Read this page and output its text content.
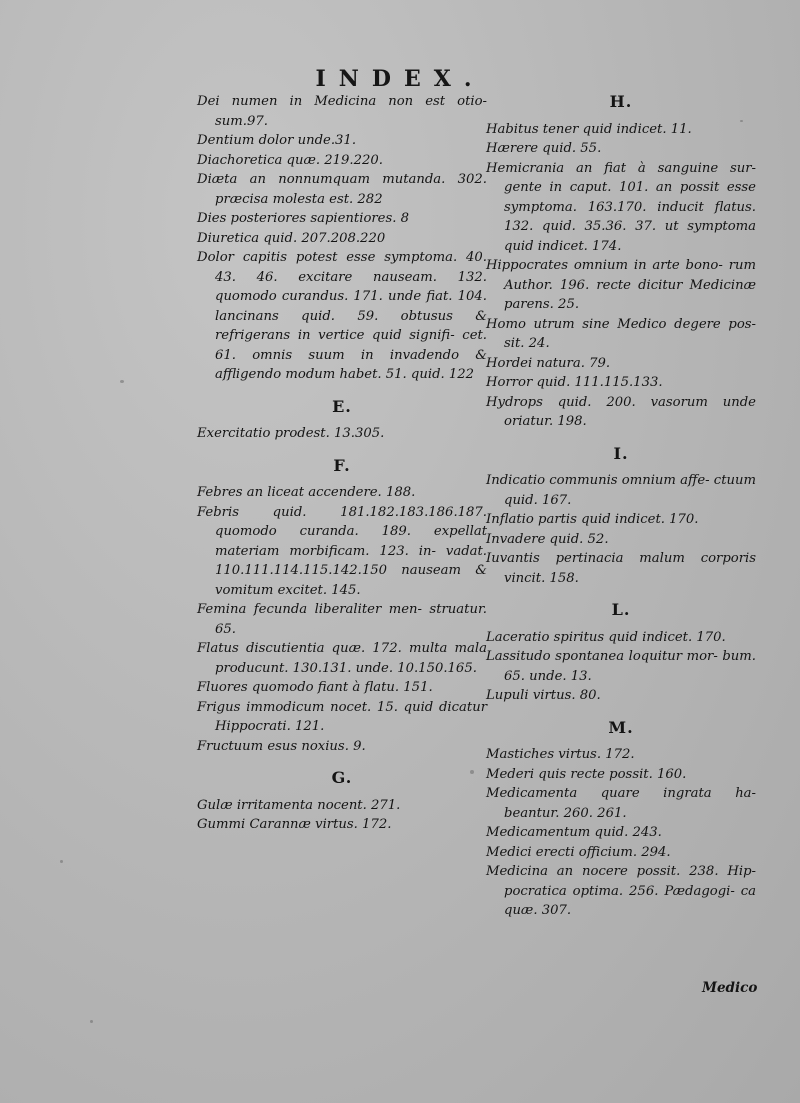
INDEX.
Dei numen in Medicina non est otio- sum.97.
Dentium dolor unde.31.
Diachoretica quæ. 219.220.
Diæta an nonnumquam mutanda. 302. præcisa molesta est. 282
Dies posteriores sapientiores. 8
Diuretica quid. 207.208.220
Dolor capitis potest esse symptoma. 40. 43. 46. excitare nauseam. 132. quomodo curandus. 171. unde fiat. 104. lancinans quid. 59. obtusus & refrigerans in vertice quid signifi- cet. 61. omnis suum in invadendo & affligendo modum habet. 51. quid. 122
E.
Exercitatio prodest. 13.305.
F.
Febres an liceat accendere. 188.
Febris quid. 181.182.183.186.187. quomodo curanda. 189. expellat materiam morbificam. 123. in- vadat. 110.111.114.115.142.150 nauseam & vomitum excitet. 145.
Femina fecunda liberaliter men- struatur. 65.
Flatus discutientia quæ. 172. multa mala producunt. 130.131. unde. 10.150.165.
Fluores quomodo fiant à flatu. 151.
Frigus immodicum nocet. 15. quid dicatur Hippocrati. 121.
Fructuum esus noxius. 9.
G.
Gulæ irritamenta nocent. 271.
Gummi Carannæ virtus. 172.
H.
Habitus tener quid indicet. 11.
Hærere quid. 55.
Hemicrania an fiat à sanguine sur- gente in caput. 101. an possit esse symptoma. 163.170. inducit flatus. 132. quid. 35.36. 37. ut symptoma quid indicet. 174.
Hippocrates omnium in arte bono- rum Author. 196. recte dicitur Medicinæ parens. 25.
Homo utrum sine Medico degere pos- sit. 24.
Hordei natura. 79.
Horror quid. 111.115.133.
Hydrops quid. 200. vasorum unde oriatur. 198.
I.
Indicatio communis omnium affe- ctuum quid. 167.
Inflatio partis quid indicet. 170.
Invadere quid. 52.
Iuvantis pertinacia malum corporis vincit. 158.
L.
Laceratio spiritus quid indicet. 170.
Lassitudo spontanea loquitur mor- bum. 65. unde. 13.
Lupuli virtus. 80.
M.
Mastiches virtus. 172.
Mederi quis recte possit. 160.
Medicamenta quare ingrata ha- beantur. 260. 261.
Medicamentum quid. 243.
Medici erecti officium. 294.
Medicina an nocere possit. 238. Hip- pocratica optima. 256. Pædagogi- ca quæ. 307.
Medico
